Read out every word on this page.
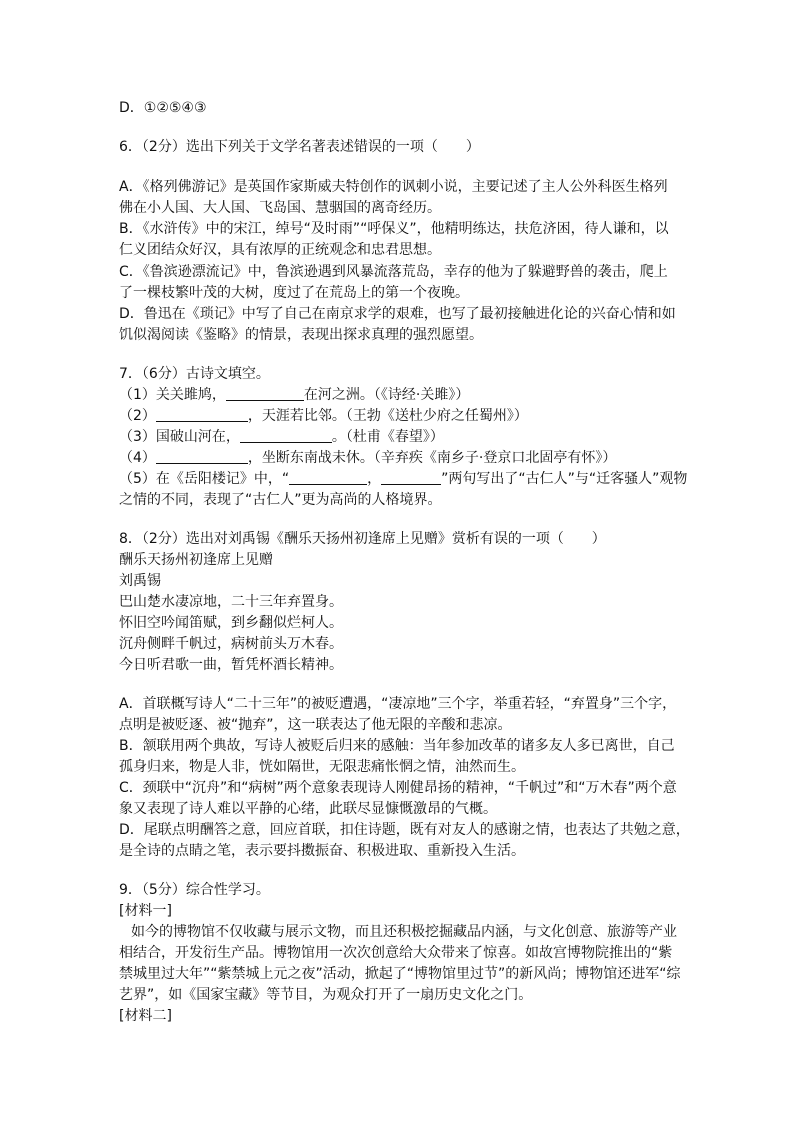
D．①②⑤④③
6．（2分）选出下列关于文学名著表述错误的一项（　　）
A．《格列佛游记》是英国作家斯威夫特创作的讽刺小说，主要记述了主人公外科医生格列
佛在小人国、大人国、飞岛国、慧骃国的离奇经历。
B．《水浒传》中的宋江，绰号“及时雨”“呼保义”，他精明练达，扶危济困，待人谦和，以
仁义团结众好汉，具有浓厚的正统观念和忠君思想。
C．《鲁滨逊漂流记》中，鲁滨逊遇到风暴流落荒岛，幸存的他为了躲避野兽的袭击，爬上
了一棵枝繁叶茂的大树，度过了在荒岛上的第一个夜晚。
D．鲁迅在《琐记》中写了自己在南京求学的艰难，也写了最初接触进化论的兴奋心情和如
饥似渴阅读《鉴略》的情景，表现出探求真理的强烈愿望。
7．（6分）古诗文填空。
（1）关关雎鸠，	在河之洲。（《诗经·关雎》）
（2）	，天涯若比邻。（王勃《送杜少府之任蜀州》）
（3）国破山河在，	。（杜甫《春望》）
（4）	，坐断东南战未休。（辛弃疾《南乡子·登京口北固亭有怀》）
（5）在《岳阳楼记》中，“	，	”两句写出了“古仁人”与“迁客骚人”观物
之情的不同，表现了“古仁人”更为高尚的人格境界。
8．（2分）选出对刘禹锡《酬乐天扬州初逢席上见赠》赏析有误的一项（　　）
酬乐天扬州初逢席上见赠
刘禹锡
巴山楚水凄凉地，二十三年弃置身。
怀旧空吟闻笛赋，到乡翻似烂柯人。
沉舟侧畔千帆过，病树前头万木春。
今日听君歌一曲，暂凭杯酒长精神。
A．首联概写诗人“二十三年”的被贬遭遇，“凄凉地”三个字，举重若轻，“弃置身”三个字，
点明是被贬逐、被“抛弃”，这一联表达了他无限的辛酸和悲凉。
B．颔联用两个典故，写诗人被贬后归来的感触：当年参加改革的诸多友人多已离世，自己
孤身归来，物是人非，恍如隔世，无限悲痛怅惘之情，油然而生。
C．颈联中“沉舟”和“病树”两个意象表现诗人刚健昂扬的精神，“千帆过”和“万木春”两个意
象又表现了诗人难以平静的心绪，此联尽显慷慨激昂的气概。
D．尾联点明酬答之意，回应首联，扣住诗题，既有对友人的感谢之情，也表达了共勉之意，
是全诗的点睛之笔，表示要抖擞振奋、积极进取、重新投入生活。
9．（5分）综合性学习。
[材料一]
如今的博物馆不仅收藏与展示文物，而且还积极挖掘藏品内涵，与文化创意、旅游等产业
相结合，开发衍生产品。博物馆用一次次创意给大众带来了惊喜。如故宫博物院推出的“紫
禁城里过大年”“紫禁城上元之夜”活动，掀起了“博物馆里过节”的新风尚；博物馆还进军“综
艺界”，如《国家宝藏》等节目，为观众打开了一扇历史文化之门。
[材料二]
